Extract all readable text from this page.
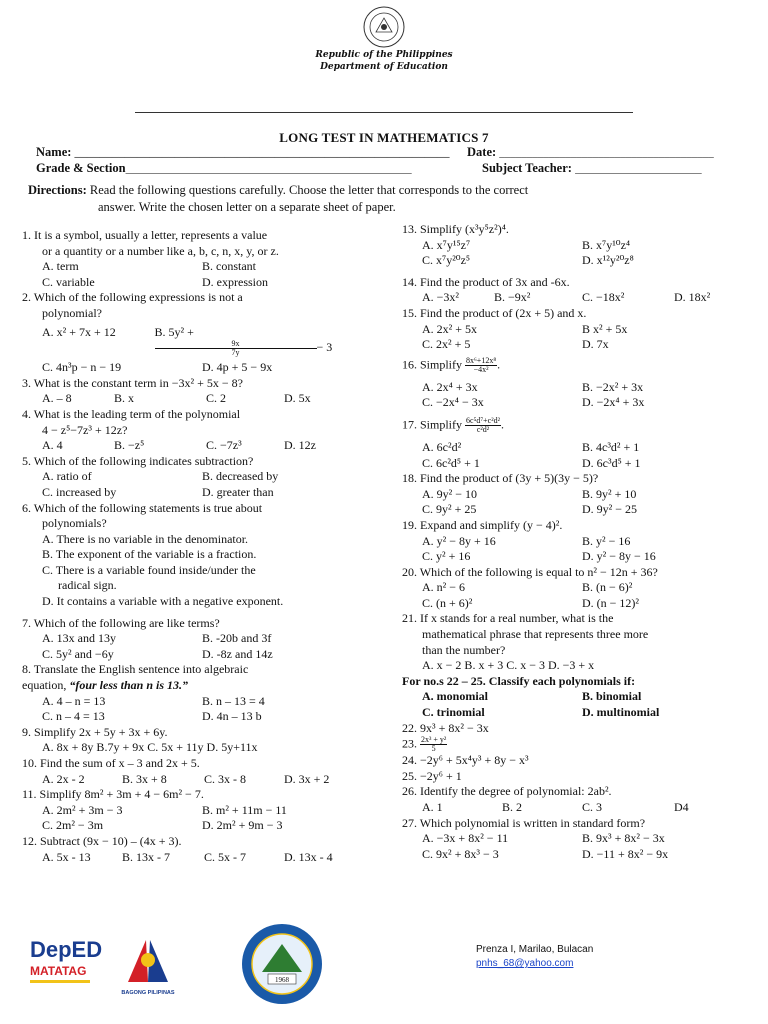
Republic of the Philippines
Department of Education
LONG TEST IN MATHEMATICS 7
Name: ____________________________________________________________ Date: _______________________________________
Grade & Section____________________________________________________	Subject Teacher: _______________________

Directions: Read the following questions carefully. Choose the letter that corresponds to the correct

answer. Write the chosen letter on a separate sheet of paper.

1. It is a symbol, usually a letter, represents a value

or a quantity or a number like a, b, c, n, x, y, or z.

A. term	B. constant
C. variable	D. expression

2. Which of the following expressions is not a

polynomial?

A. x² + 7x + 12	B. 5y² +
$\frac{9x}{7y} - 3$
C. 4n³p − n − 19	D. 4p + 5 − 9x

3. What is the constant term in −3x² + 5x − 8?

A. – 8	B. x	C. 2	D. 5x

4. What is the leading term of the polynomial

4 − z⁵−7z³ + 12z?

A. 4	B. −z⁵	C. −7z³	D. 12z

5. Which of the following indicates subtraction?

A. ratio of	B. decreased by
C. increased by	D. greater than

6. Which of the following statements is true about

polynomials?

A. There is no variable in the denominator.

B. The exponent of the variable is a fraction.

C. There is a variable found inside/under the

radical sign.

D. It contains a variable with a negative exponent.

7. Which of the following are like terms?

A. 13x and 13y	B. -20b and 3f
C. 5y² and −6y	D. -8z and 14z

8. Translate the English sentence into algebraic

equation, “four less than n is 13.”

A. 4 – n = 13	B. n – 13 = 4
C. n – 4 = 13	D. 4n – 13 b

9. Simplify 2x + 5y + 3x + 6y.

A. 8x + 8y B.7y + 9x C. 5x + 11y D. 5y+11x

10. Find the sum of x – 3 and 2x + 5.

A. 2x - 2	B. 3x + 8	C. 3x - 8	D. 3x + 2

11. Simplify 8m² + 3m + 4 − 6m² − 7.

A. 2m² + 3m − 3	B. m² + 11m − 11
C. 2m² − 3m	D. 2m² + 9m − 3

12. Subtract (9x − 10) – (4x + 3).

A. 5x - 13	B. 13x - 7	C. 5x - 7	D. 13x - 4

13. Simplify (x³y⁵z²)⁴.

A. x⁷y¹⁵z⁷	B. x⁷y¹⁰z⁴
C. x⁷y²⁰z⁵	D. x¹²y²⁰z⁸

14. Find the product of 3x and -6x.

A. −3x²	B. −9x²	C. −18x²	D. 18x²

15. Find the product of (2x + 5) and x.

A. 2x² + 5x	B x² + 5x
C. 2x² + 5	D. 7x

16. Simplify $\frac{\text{8x⁶+12x⁸}}{\text{−4x²}}$ .

A. 2x⁴ + 3x	B. −2x² + 3x
C. −2x⁴ − 3x	D. −2x⁴ + 3x

17. Simplify $\frac{\text{6c⁵d⁷+c²d²}}{\text{c²d²}}$ .

A. 6c²d²	B. 4c³d² + 1
C. 6c²d⁵ + 1	D. 6c³d⁵ + 1

18. Find the product of (3y + 5)(3y − 5)?

A. 9y² − 10	B. 9y² + 10
C. 9y² + 25	D. 9y² − 25

19. Expand and simplify (y − 4)².

A. y² − 8y + 16	B. y² − 16
C. y² + 16	D. y² − 8y − 16

20. Which of the following is equal to n² − 12n + 36?

A. n² − 6	B. (n − 6)²
C. (n + 6)²	D. (n − 12)²

21. If x stands for a real number, what is the

mathematical phrase that represents three more

than the number?

A. x − 2 B. x + 3 C. x − 3 D. −3 + x

For no.s 22 – 25. Classify each polynomials if:

A. monomial	B. binomial
C. trinomial	D. multinomial

22. 9x³ + 8x² − 3x

23. $\frac{\text{2x³ + y²}}{5}$

24. −2y⁶ + 5x⁴y³ + 8y − x³

25. −2y⁶ + 1

26. Identify the degree of polynomial: 2ab².

A. 1	B. 2	C. 3	D4

27. Which polynomial is written in standard form?

A. −3x + 8x² − 11	B. 9x³ + 8x² − 3x
C. 9x² + 8x³ − 3	D. −11 + 8x² − 9x
DepED
MATATAG
BAGONG PILIPINAS
1968
Prenza I, Marilao, Bulacan
pnhs_68@yahoo.com
